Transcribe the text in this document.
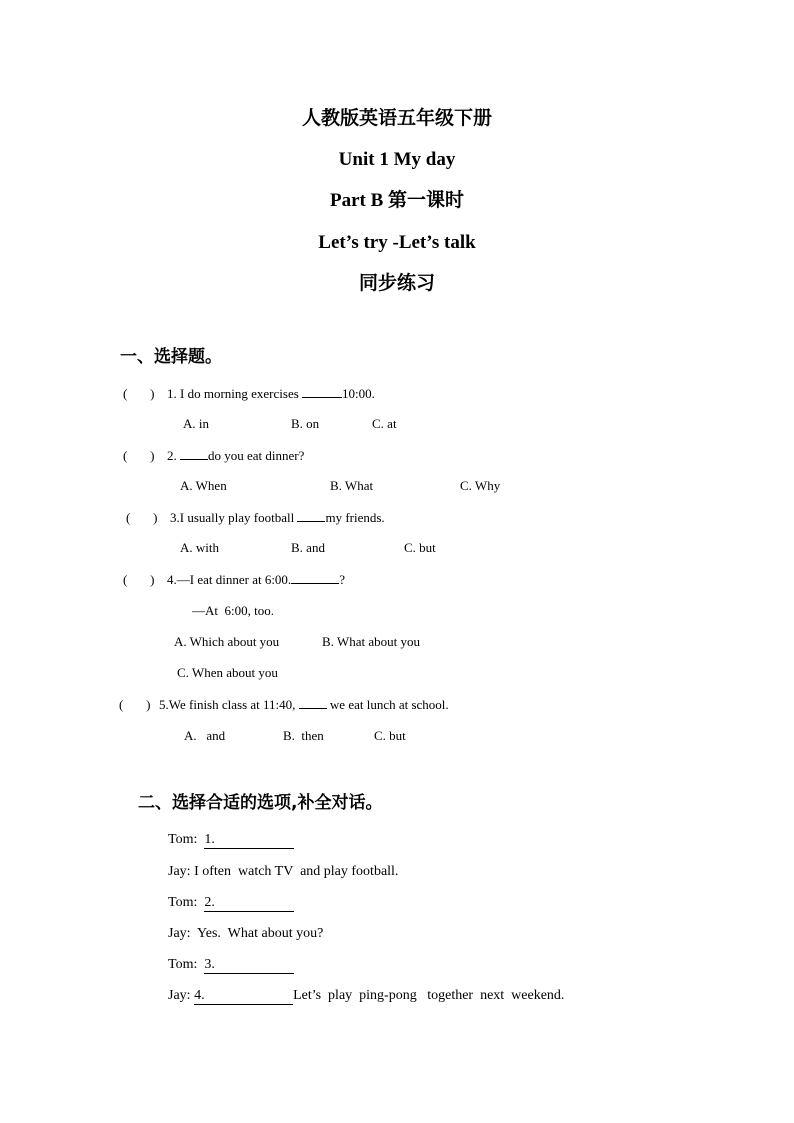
人教版英语五年级下册
Unit 1 My day
Part B 第一课时
Let’s try -Let’s talk
同步练习
一、选择题。
(       ) 1. I do morning exercises	10:00.
A. in	B. on	C. at
(       ) 2. do you eat dinner?
A. When	B. What	C. Why
(       ) 3.I usually play football my friends.
A. with	B. and	C. but
(       ) 4.—I eat dinner at 6:00.	?
—At  6:00, too.
A. Which about you	B. What about you
C. When about you
(       ) 5.We finish class at 11:40,  we eat lunch at school.
A.   and	B.  then	C. but
二、选择合适的选项,补全对话。
Tom: 1.
Jay: I often  watch TV  and play football.
Tom: 2.
Jay: Yes.  What about you?
Tom: 3.
Jay: 4.	Let’s  play  ping-pong   together  next  weekend.
